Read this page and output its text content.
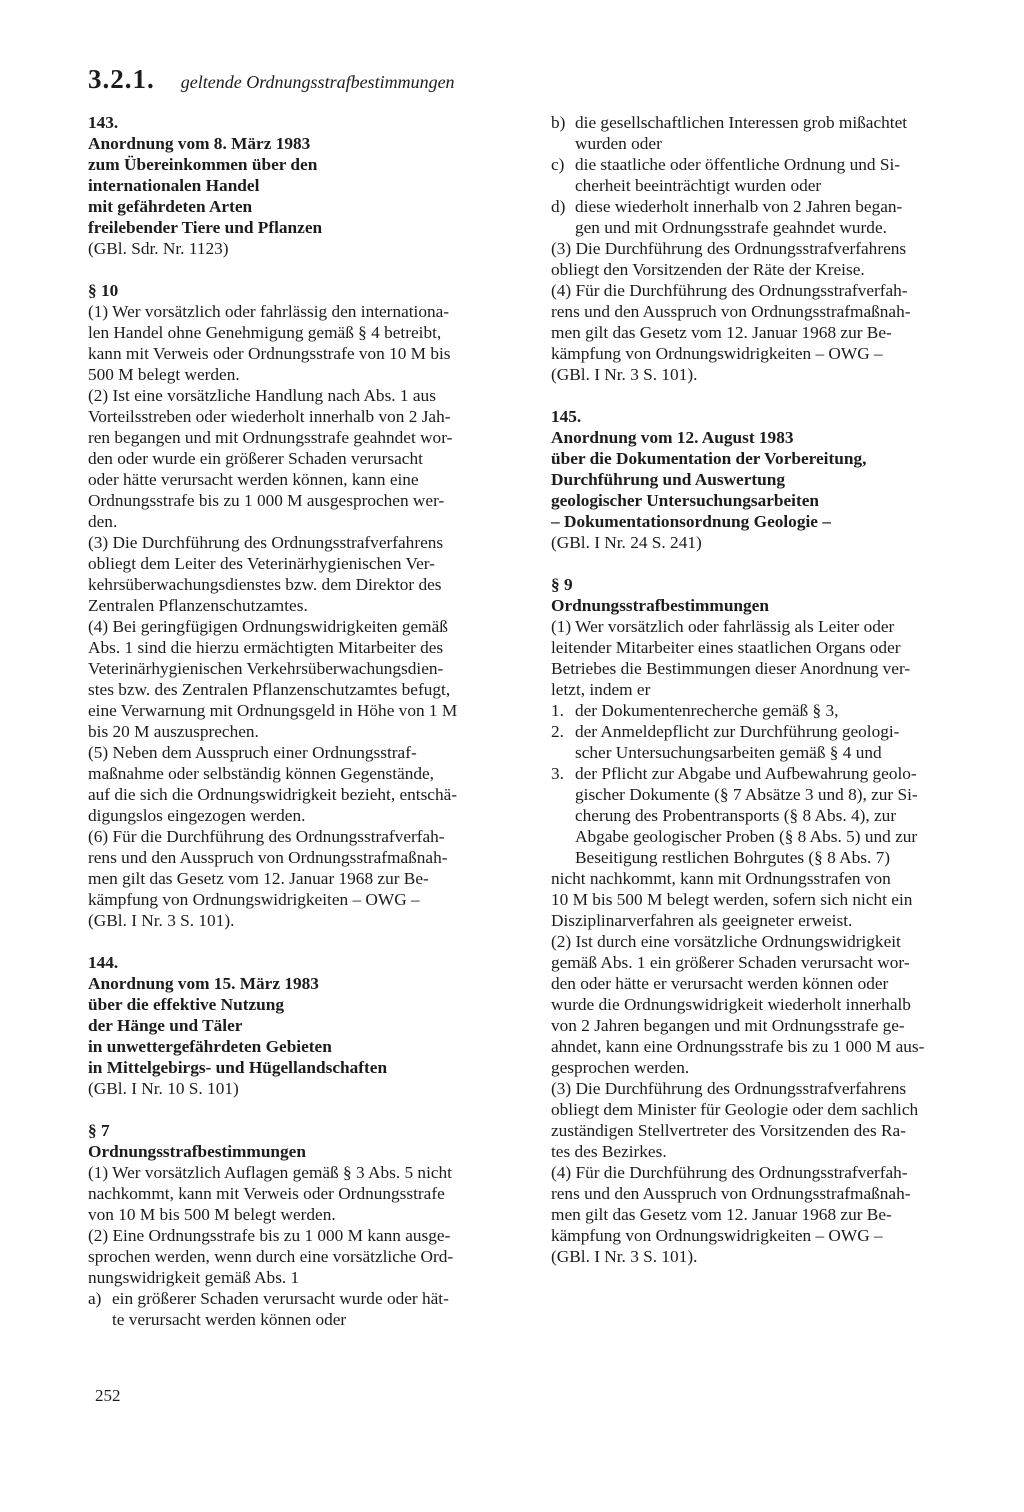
3.2.1. geltende Ordnungsstrafbestimmungen
143.
Anordnung vom 8. März 1983
zum Übereinkommen über den
internationalen Handel
mit gefährdeten Arten
freilebender Tiere und Pflanzen
(GBl. Sdr. Nr. 1123)
§ 10
(1) Wer vorsätzlich oder fahrlässig den internationa-
len Handel ohne Genehmigung gemäß § 4 betreibt,
kann mit Verweis oder Ordnungsstrafe von 10 M bis
500 M belegt werden.
(2) Ist eine vorsätzliche Handlung nach Abs. 1 aus
Vorteilsstreben oder wiederholt innerhalb von 2 Jah-
ren begangen und mit Ordnungsstrafe geahndet wor-
den oder wurde ein größerer Schaden verursacht
oder hätte verursacht werden können, kann eine
Ordnungsstrafe bis zu 1 000 M ausgesprochen wer-
den.
(3) Die Durchführung des Ordnungsstrafverfahrens
obliegt dem Leiter des Veterinärhygienischen Ver-
kehrsüberwachungsdienstes bzw. dem Direktor des
Zentralen Pflanzenschutzamtes.
(4) Bei geringfügigen Ordnungswidrigkeiten gemäß
Abs. 1 sind die hierzu ermächtigten Mitarbeiter des
Veterinärhygienischen Verkehrsüberwachungsdien-
stes bzw. des Zentralen Pflanzenschutzamtes befugt,
eine Verwarnung mit Ordnungsgeld in Höhe von 1 M
bis 20 M auszusprechen.
(5) Neben dem Ausspruch einer Ordnungsstraf-
maßnahme oder selbständig können Gegenstände,
auf die sich die Ordnungswidrigkeit bezieht, entschä-
digungslos eingezogen werden.
(6) Für die Durchführung des Ordnungsstrafverfah-
rens und den Ausspruch von Ordnungsstrafmaßnah-
men gilt das Gesetz vom 12. Januar 1968 zur Be-
kämpfung von Ordnungswidrigkeiten – OWG –
(GBl. I Nr. 3 S. 101).
144.
Anordnung vom 15. März 1983
über die effektive Nutzung
der Hänge und Täler
in unwettergefährdeten Gebieten
in Mittelgebirgs- und Hügellandschaften
(GBl. I Nr. 10 S. 101)
§ 7
Ordnungsstrafbestimmungen
(1) Wer vorsätzlich Auflagen gemäß § 3 Abs. 5 nicht
nachkommt, kann mit Verweis oder Ordnungsstrafe
von 10 M bis 500 M belegt werden.
(2) Eine Ordnungsstrafe bis zu 1 000 M kann ausge-
sprochen werden, wenn durch eine vorsätzliche Ord-
nungswidrigkeit gemäß Abs. 1
a) ein größerer Schaden verursacht wurde oder hät-
te verursacht werden können oder
b) die gesellschaftlichen Interessen grob mißachtet
wurden oder
c) die staatliche oder öffentliche Ordnung und Si-
cherheit beeinträchtigt wurden oder
d) diese wiederholt innerhalb von 2 Jahren began-
gen und mit Ordnungsstrafe geahndet wurde.
(3) Die Durchführung des Ordnungsstrafverfahrens
obliegt den Vorsitzenden der Räte der Kreise.
(4) Für die Durchführung des Ordnungsstrafverfah-
rens und den Ausspruch von Ordnungsstrafmaßnah-
men gilt das Gesetz vom 12. Januar 1968 zur Be-
kämpfung von Ordnungswidrigkeiten – OWG –
(GBl. I Nr. 3 S. 101).
145.
Anordnung vom 12. August 1983
über die Dokumentation der Vorbereitung,
Durchführung und Auswertung
geologischer Untersuchungsarbeiten
– Dokumentationsordnung Geologie –
(GBl. I Nr. 24 S. 241)
§ 9
Ordnungsstrafbestimmungen
(1) Wer vorsätzlich oder fahrlässig als Leiter oder
leitender Mitarbeiter eines staatlichen Organs oder
Betriebes die Bestimmungen dieser Anordnung ver-
letzt, indem er
1. der Dokumentenrecherche gemäß § 3,
2. der Anmeldepflicht zur Durchführung geologi-
scher Untersuchungsarbeiten gemäß § 4 und
3. der Pflicht zur Abgabe und Aufbewahrung geolo-
gischer Dokumente (§ 7 Absätze 3 und 8), zur Si-
cherung des Probentransports (§ 8 Abs. 4), zur
Abgabe geologischer Proben (§ 8 Abs. 5) und zur
Beseitigung restlichen Bohrgutes (§ 8 Abs. 7)
nicht nachkommt, kann mit Ordnungsstrafen von
10 M bis 500 M belegt werden, sofern sich nicht ein
Disziplinarverfahren als geeigneter erweist.
(2) Ist durch eine vorsätzliche Ordnungswidrigkeit
gemäß Abs. 1 ein größerer Schaden verursacht wor-
den oder hätte er verursacht werden können oder
wurde die Ordnungswidrigkeit wiederholt innerhalb
von 2 Jahren begangen und mit Ordnungsstrafe ge-
ahndet, kann eine Ordnungsstrafe bis zu 1 000 M aus-
gesprochen werden.
(3) Die Durchführung des Ordnungsstrafverfahrens
obliegt dem Minister für Geologie oder dem sachlich
zuständigen Stellvertreter des Vorsitzenden des Ra-
tes des Bezirkes.
(4) Für die Durchführung des Ordnungsstrafverfah-
rens und den Ausspruch von Ordnungsstrafmaßnah-
men gilt das Gesetz vom 12. Januar 1968 zur Be-
kämpfung von Ordnungswidrigkeiten – OWG –
(GBl. I Nr. 3 S. 101).
252
